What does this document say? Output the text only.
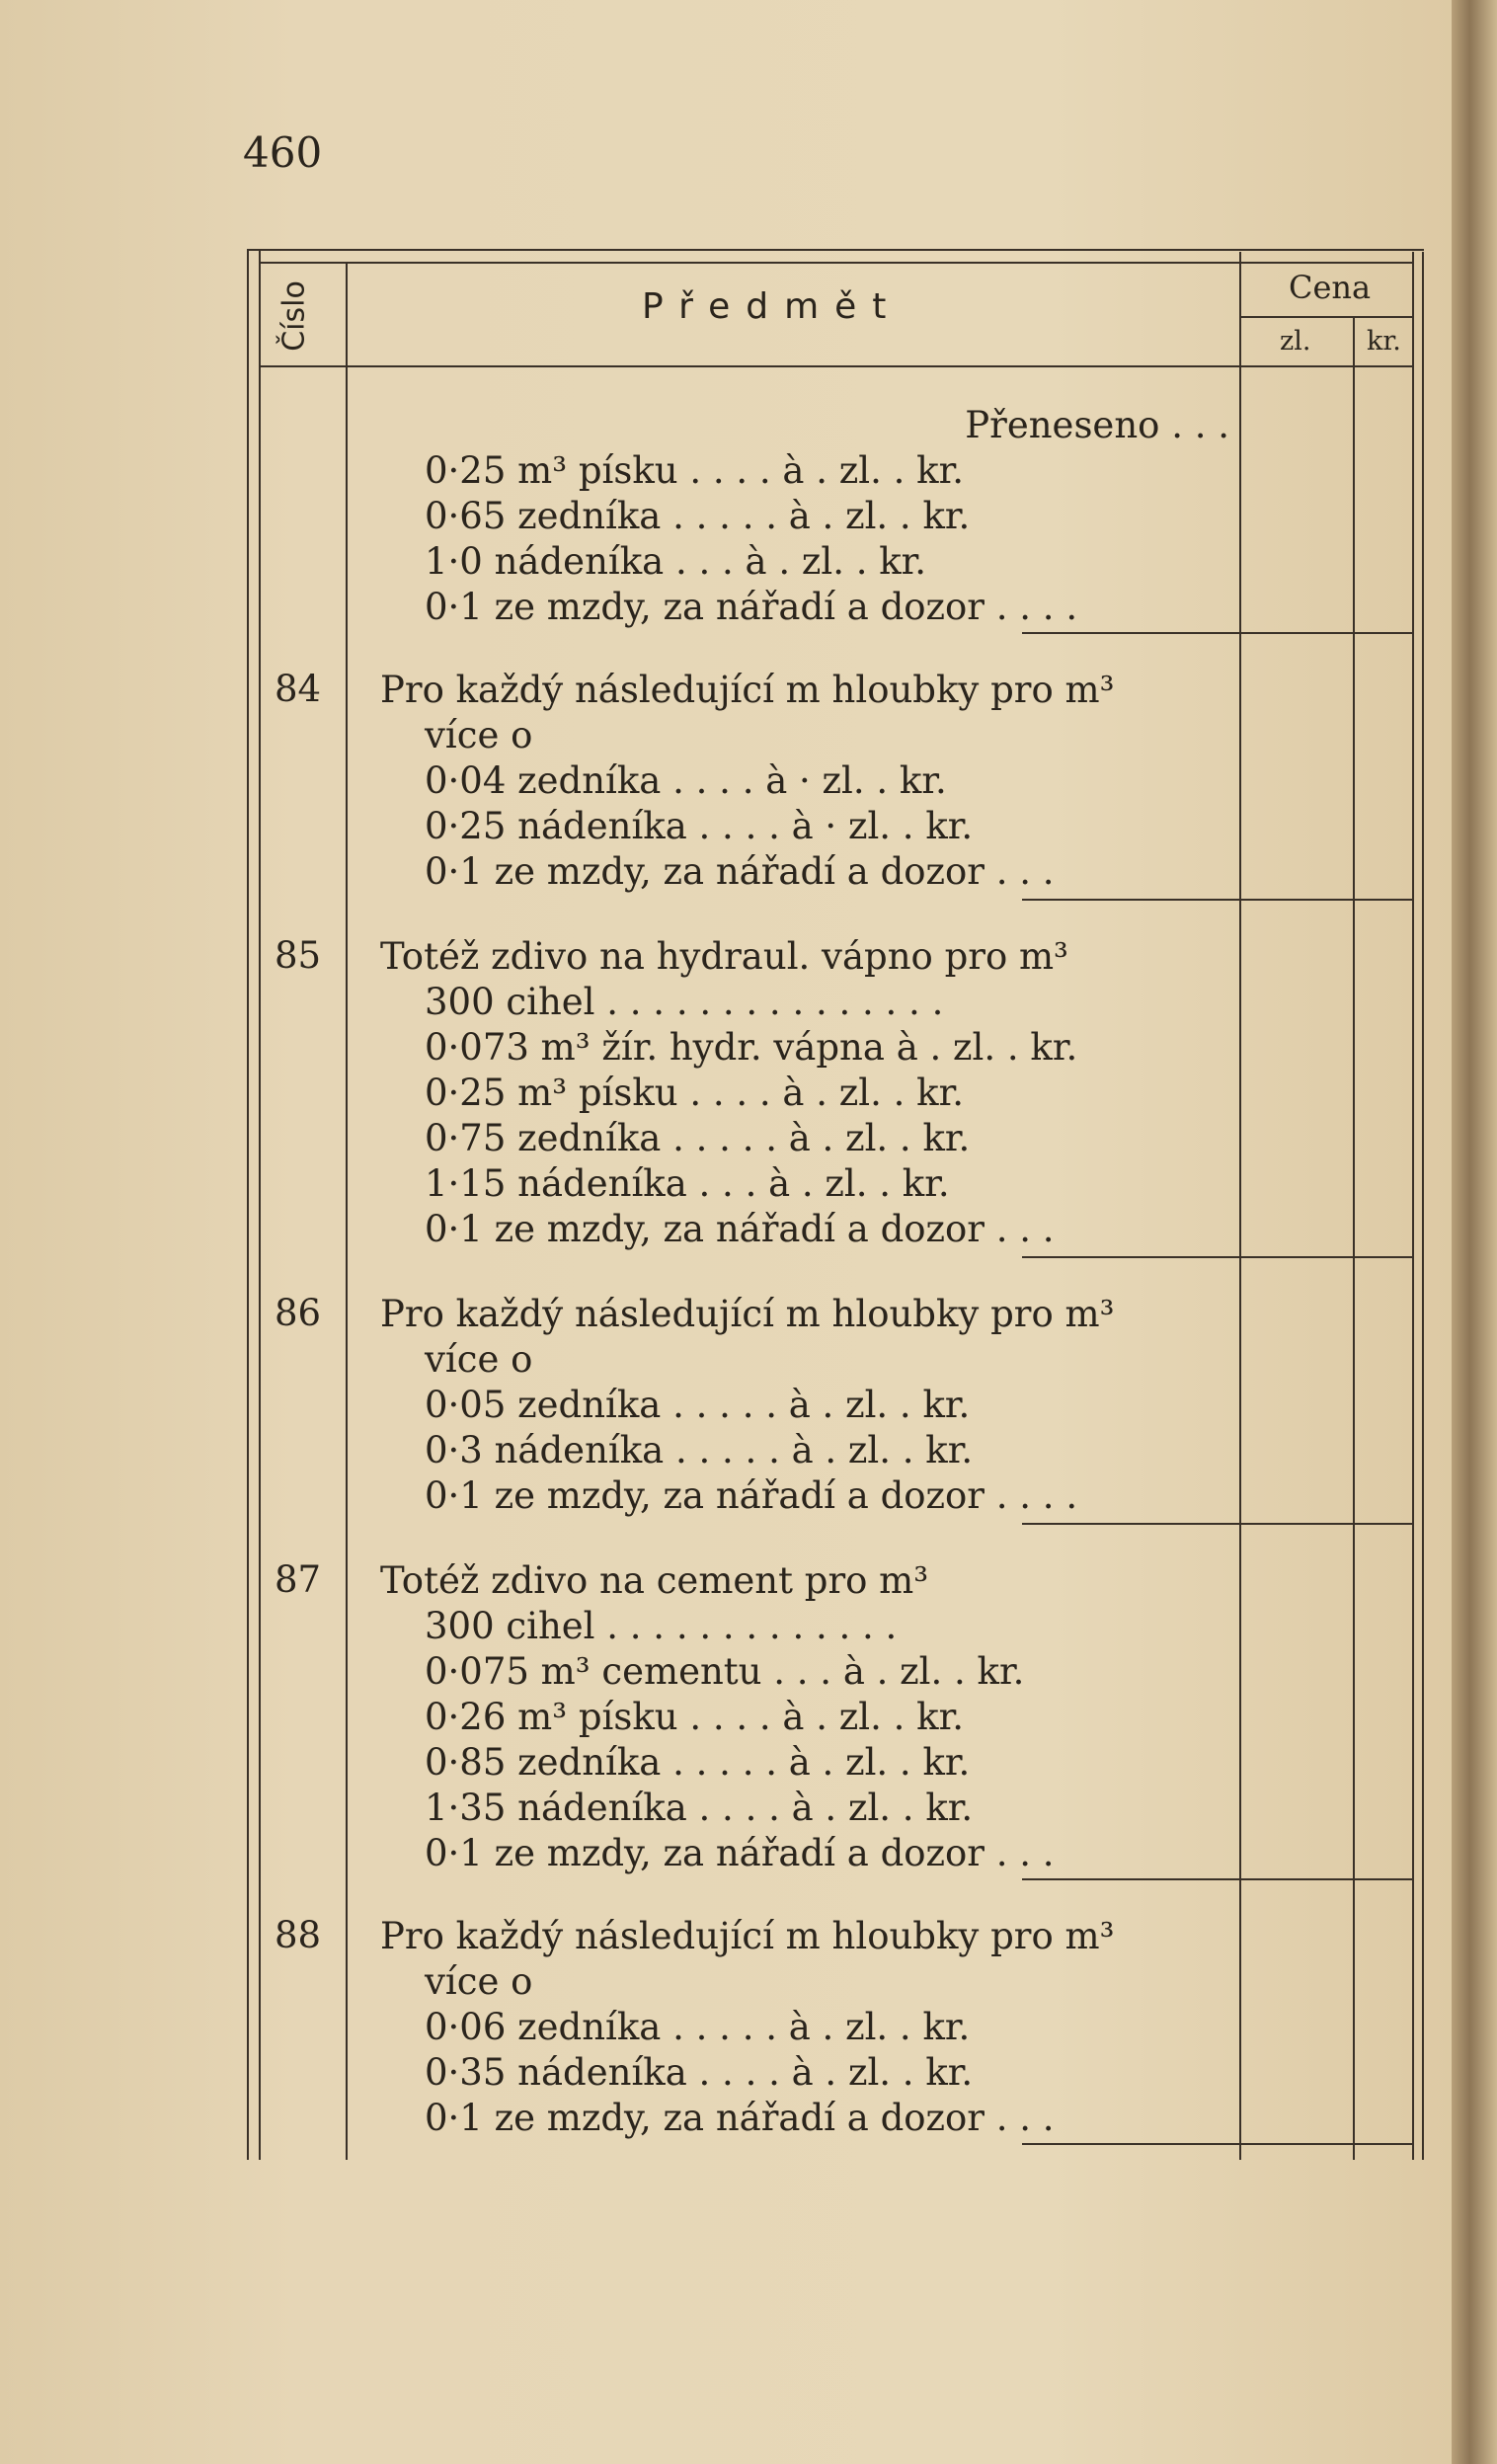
460
Číslo	Předmět	Cena
zl. kr.
Přeneseno . . .
0·25 m³ písku . . . . à . zl. . kr.
0·65 zedníka . . . . . à . zl. . kr.
1·0 nádeníka . . . à . zl. . kr.
0·1 ze mzdy, za nářadí a dozor . . . .
84 Pro každý následující m hloubky pro m³
více o
0·04 zedníka . . . . à · zl. . kr.
0·25 nádeníka . . . . à · zl. . kr.
0·1 ze mzdy, za nářadí a dozor . . .
85 Totéž zdivo na hydraul. vápno pro m³
300 cihel . . . . . . . . . . . . . . .
0·073 m³ žír. hydr. vápna à . zl. . kr.
0·25 m³ písku . . . . à . zl. . kr.
0·75 zedníka . . . . . à . zl. . kr.
1·15 nádeníka . . . à . zl. . kr.
0·1 ze mzdy, za nářadí a dozor . . .
86 Pro každý následující m hloubky pro m³
více o
0·05 zedníka . . . . . à . zl. . kr.
0·3 nádeníka . . . . . à . zl. . kr.
0·1 ze mzdy, za nářadí a dozor . . . .
87 Totéž zdivo na cement pro m³
300 cihel . . . . . . . . . . . . .
0·075 m³ cementu . . . à . zl. . kr.
0·26 m³ písku . . . . à . zl. . kr.
0·85 zedníka . . . . . à . zl. . kr.
1·35 nádeníka . . . . à . zl. . kr.
0·1 ze mzdy, za nářadí a dozor . . .
88 Pro každý následující m hloubky pro m³
více o
0·06 zedníka . . . . . à . zl. . kr.
0·35 nádeníka . . . . à . zl. . kr.
0·1 ze mzdy, za nářadí a dozor . . .
